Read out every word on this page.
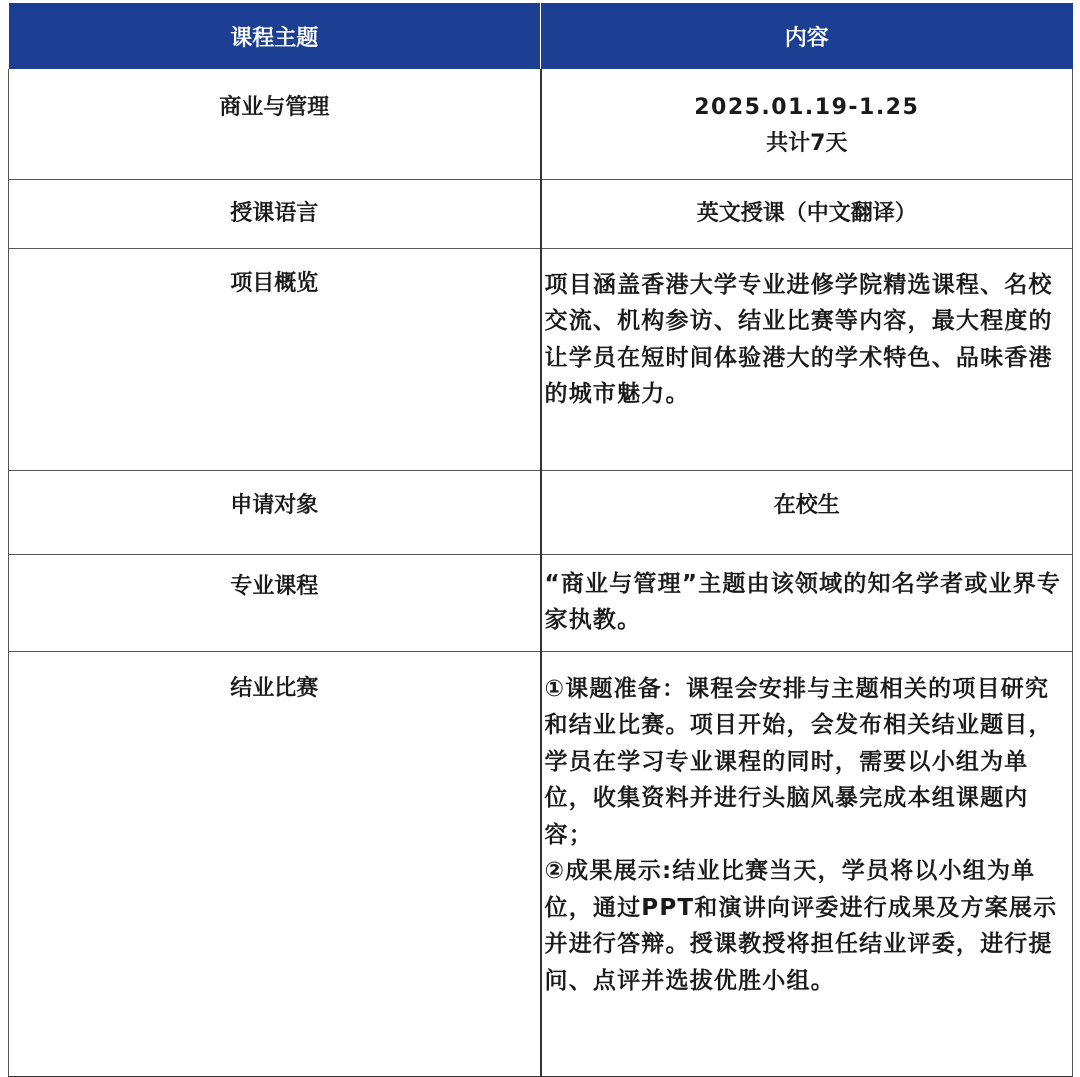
课程主题	内容
商业与管理	2025.01.19-1.25
共计7天

授课语言	英文授课（中文翻译）
项目概览	项目涵盖香港大学专业进修学院精选课程、名校交流、机构参访、结业比赛等内容，最大程度的让学员在短时间体验港大的学术特色、品味香港的城市魅力。
申请对象	在校生
专业课程	“商业与管理”主题由该领域的知名学者或业界专家执教。
结业比赛	①课题准备：课程会安排与主题相关的项目研究和结业比赛。项目开始，会发布相关结业题目，学员在学习专业课程的同时，需要以小组为单位，收集资料并进行头脑风暴完成本组课题内容；
②成果展示:结业比赛当天，学员将以小组为单位，通过PPT和演讲向评委进行成果及方案展示并进行答辩。授课教授将担任结业评委，进行提问、点评并选拔优胜小组。
